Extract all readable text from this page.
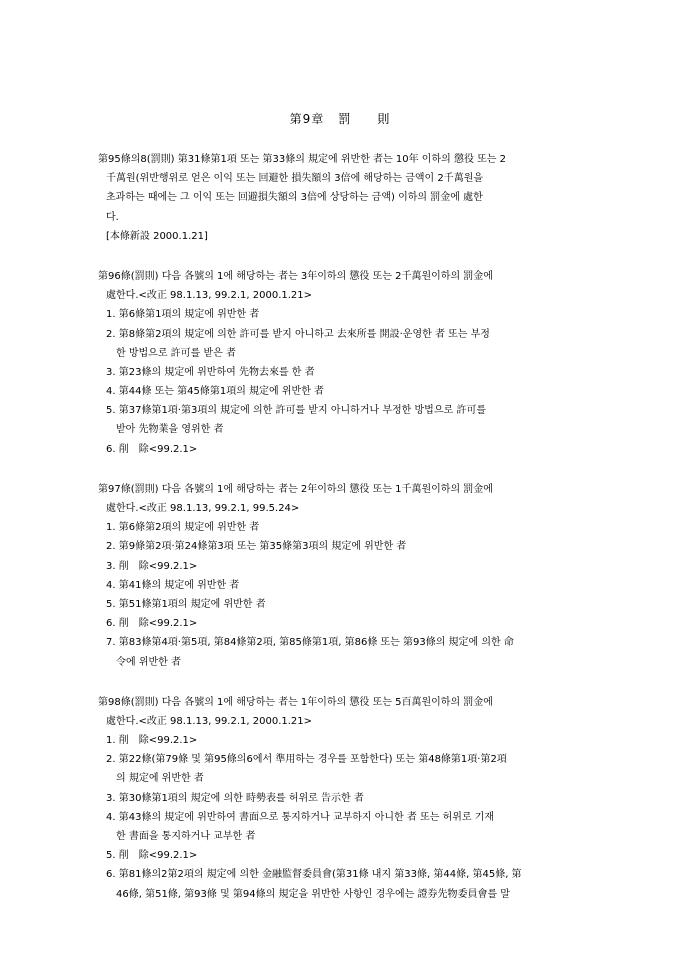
第9章 罰　　則
第95條의8(罰則) 第31條第1項 또는 第33條의 規定에 위반한 者는 10年 이하의 懲役 또는 2
千萬원(위반행위로 얻은 이익 또는 回避한 損失額의 3倍에 해당하는 금액이 2千萬원을
초과하는 때에는 그 이익 또는 回避損失額의 3倍에 상당하는 금액) 이하의 罰金에 處한
다.
[本條新設 2000.1.21]
第96條(罰則) 다음 各號의 1에 해당하는 者는 3年이하의 懲役 또는 2千萬원이하의 罰金에
處한다.<改正 98.1.13, 99.2.1, 2000.1.21>
1. 第6條第1項의 規定에 위반한 者
2. 第8條第2項의 規定에 의한 許可를 받지 아니하고 去來所를 開設·운영한 者 또는 부정
한 방법으로 許可를 받은 者
3. 第23條의 規定에 위반하여 先物去來를 한 者
4. 第44條 또는 第45條第1項의 規定에 위반한 者
5. 第37條第1項·第3項의 規定에 의한 許可를 받지 아니하거나 부정한 방법으로 許可를
받아 先物業을 영위한 者
6. 削　除<99.2.1>
第97條(罰則) 다음 各號의 1에 해당하는 者는 2年이하의 懲役 또는 1千萬원이하의 罰金에
處한다.<改正 98.1.13, 99.2.1, 99.5.24>
1. 第6條第2項의 規定에 위반한 者
2. 第9條第2項·第24條第3項 또는 第35條第3項의 規定에 위반한 者
3. 削　除<99.2.1>
4. 第41條의 規定에 위반한 者
5. 第51條第1項의 規定에 위반한 者
6. 削　除<99.2.1>
7. 第83條第4項·第5項, 第84條第2項, 第85條第1項, 第86條 또는 第93條의 規定에 의한 命
令에 위반한 者
第98條(罰則) 다음 各號의 1에 해당하는 者는 1年이하의 懲役 또는 5百萬원이하의 罰金에
處한다.<改正 98.1.13, 99.2.1, 2000.1.21>
1. 削　除<99.2.1>
2. 第22條(第79條 및 第95條의6에서 準用하는 경우를 포함한다) 또는 第48條第1項·第2項
의 規定에 위반한 者
3. 第30條第1項의 規定에 의한 時勢表를 허위로 告示한 者
4. 第43條의 規定에 위반하여 書面으로 통지하거나 교부하지 아니한 者 또는 허위로 기재
한 書面을 통지하거나 교부한 者
5. 削　除<99.2.1>
6. 第81條의2第2項의 規定에 의한 金融監督委員會(第31條 내지 第33條, 第44條, 第45條, 第
46條, 第51條, 第93條 및 第94條의 規定을 위반한 사항인 경우에는 證券先物委員會를 말
